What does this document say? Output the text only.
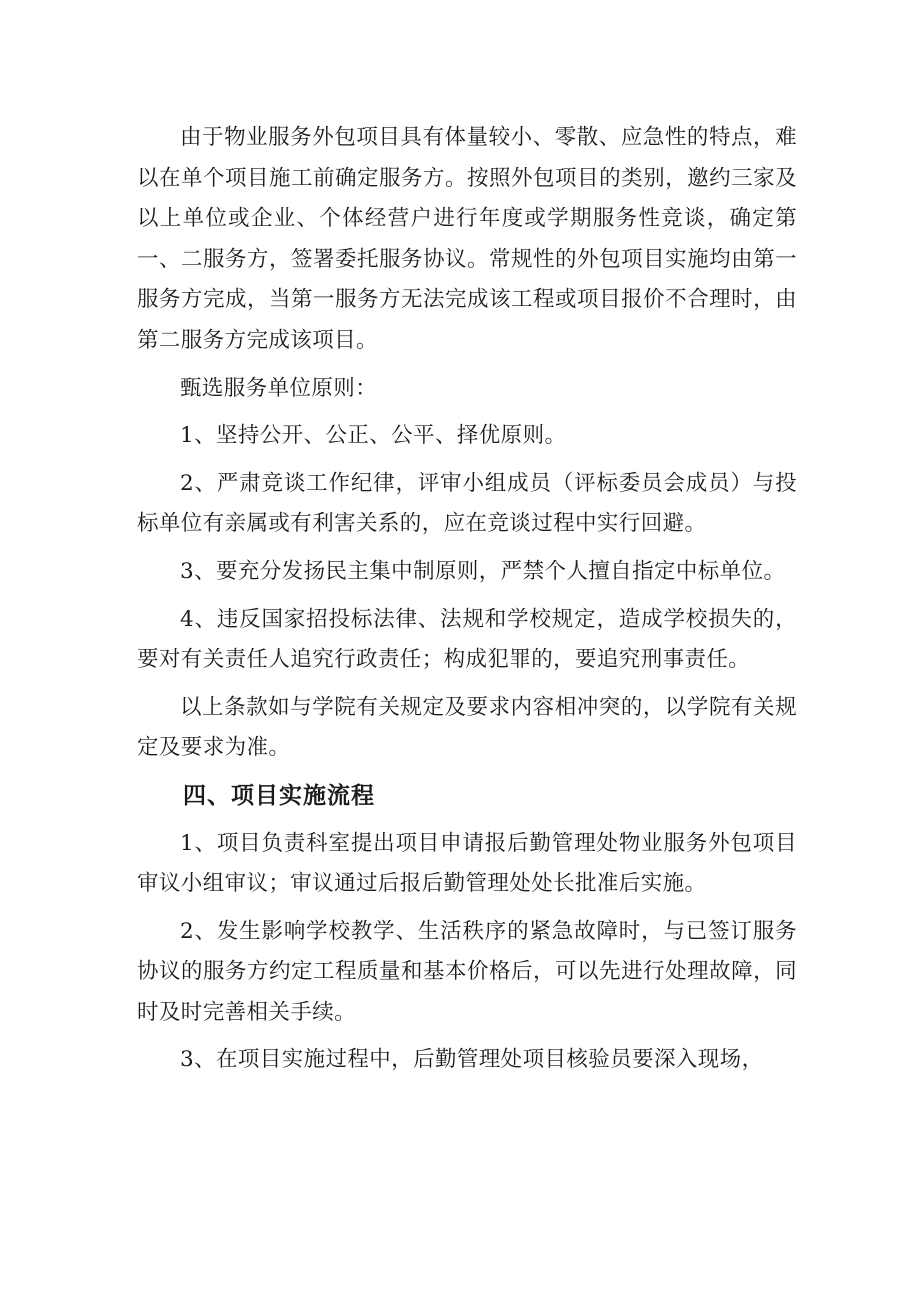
由于物业服务外包项目具有体量较小、零散、应急性的特点，难以在单个项目施工前确定服务方。按照外包项目的类别，邀约三家及以上单位或企业、个体经营户进行年度或学期服务性竞谈，确定第一、二服务方，签署委托服务协议。常规性的外包项目实施均由第一服务方完成，当第一服务方无法完成该工程或项目报价不合理时，由第二服务方完成该项目。

甄选服务单位原则：

1、坚持公开、公正、公平、择优原则。

2、严肃竞谈工作纪律，评审小组成员（评标委员会成员）与投标单位有亲属或有利害关系的，应在竞谈过程中实行回避。

3、要充分发扬民主集中制原则，严禁个人擅自指定中标单位。

4、违反国家招投标法律、法规和学校规定，造成学校损失的，要对有关责任人追究行政责任；构成犯罪的，要追究刑事责任。

以上条款如与学院有关规定及要求内容相冲突的，以学院有关规定及要求为准。

四、项目实施流程

1、项目负责科室提出项目申请报后勤管理处物业服务外包项目审议小组审议；审议通过后报后勤管理处处长批准后实施。

2、发生影响学校教学、生活秩序的紧急故障时，与已签订服务协议的服务方约定工程质量和基本价格后，可以先进行处理故障，同时及时完善相关手续。

3、在项目实施过程中，后勤管理处项目核验员要深入现场，
